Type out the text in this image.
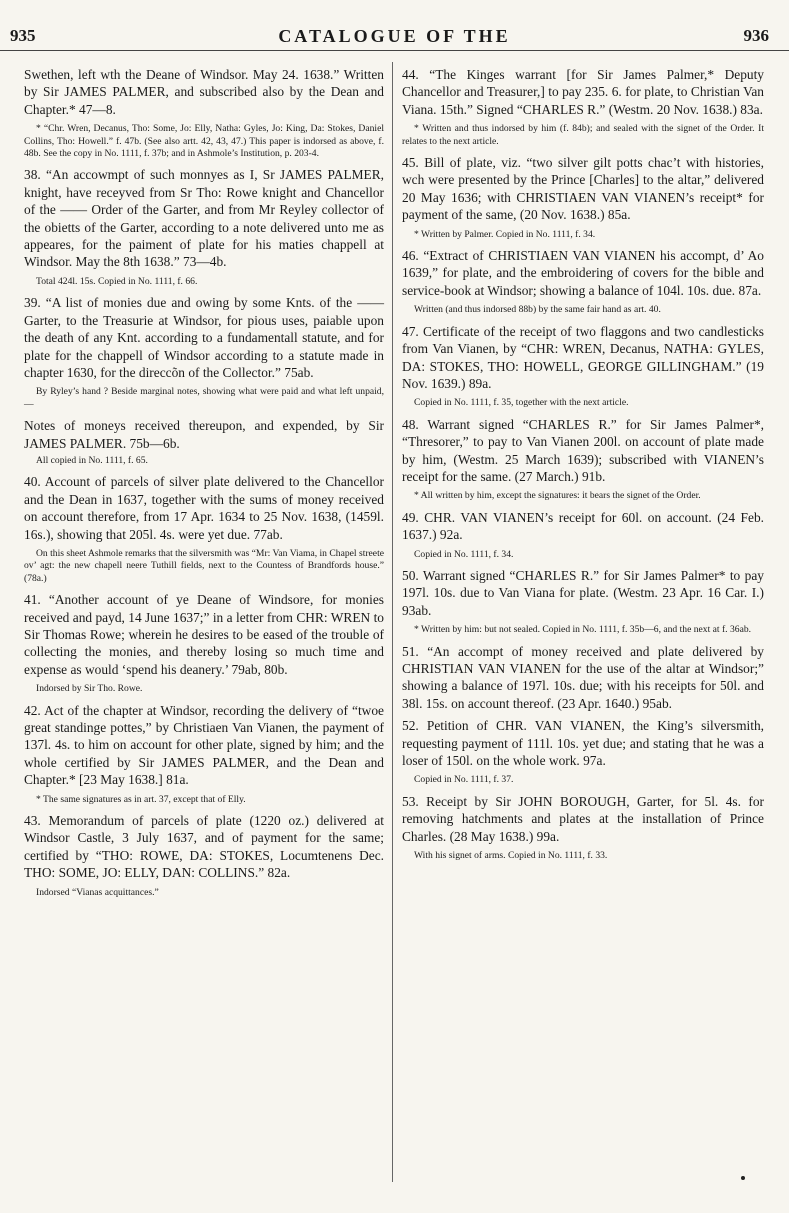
935	CATALOGUE OF THE	936

Swethen, left wth the Deane of Windsor. May 24. 1638.” Written by Sir JAMES PALMER, and subscribed also by the Dean and Chapter.* 47—8.

* “Chr. Wren, Decanus, Tho: Some, Jo: Elly, Natha: Gyles, Jo: King, Da: Stokes, Daniel Collins, Tho: Howell.” f. 47b. (See also artt. 42, 43, 47.) This paper is indorsed as above, f. 48b. See the copy in No. 1111, f. 37b; and in Ashmole’s Institution, p. 203-4.

38. “An accowmpt of such monnyes as I, Sr JAMES PALMER, knight, have receyved from Sr Tho: Rowe knight and Chancellor of the —— Order of the Garter, and from Mr Reyley collector of the obietts of the Garter, according to a note delivered unto me as appeares, for the paiment of plate for his maties chappell at Windsor. May the 8th 1638.” 73—4b.

Total 424l. 15s. Copied in No. 1111, f. 66.

39. “A list of monies due and owing by some Knts. of the —— Garter, to the Treasurie at Windsor, for pious uses, paiable upon the death of any Knt. according to a fundamentall statute, and for plate for the chappell of Windsor according to a statute made in chapter 1630, for the direccõn of the Collector.” 75ab.

By Ryley’s hand ? Beside marginal notes, showing what were paid and what left unpaid,—

Notes of moneys received thereupon, and expended, by Sir JAMES PALMER. 75b—6b.

All copied in No. 1111, f. 65.

40. Account of parcels of silver plate delivered to the Chancellor and the Dean in 1637, together with the sums of money received on account therefore, from 17 Apr. 1634 to 25 Nov. 1638, (1459l. 16s.), showing that 205l. 4s. were yet due. 77ab.

On this sheet Ashmole remarks that the silversmith was “Mr: Van Viama, in Chapel streete ov’ agt: the new chapell neere Tuthill fields, next to the Countess of Brandfords house.” (78a.)

41. “Another account of ye Deane of Windsore, for monies received and payd, 14 June 1637;” in a letter from CHR: WREN to Sir Thomas Rowe; wherein he desires to be eased of the trouble of collecting the monies, and thereby losing so much time and expense as would ‘spend his deanery.’ 79ab, 80b.

Indorsed by Sir Tho. Rowe.

42. Act of the chapter at Windsor, recording the delivery of “twoe great standinge pottes,” by Christiaen Van Vianen, the payment of 137l. 4s. to him on account for other plate, signed by him; and the whole certified by Sir JAMES PALMER, and the Dean and Chapter.* [23 May 1638.] 81a.

* The same signatures as in art. 37, except that of Elly.

43. Memorandum of parcels of plate (1220 oz.) delivered at Windsor Castle, 3 July 1637, and of payment for the same; certified by “THO: ROWE, DA: STOKES, Locumtenens Dec. THO: SOME, JO: ELLY, DAN: COLLINS.” 82a.

Indorsed “Vianas acquittances.”

44. “The Kinges warrant [for Sir James Palmer,* Deputy Chancellor and Treasurer,] to pay 235. 6. for plate, to Christian Van Viana. 15th.” Signed “CHARLES R.” (Westm. 20 Nov. 1638.) 83a.

* Written and thus indorsed by him (f. 84b); and sealed with the signet of the Order. It relates to the next article.

45. Bill of plate, viz. “two silver gilt potts chac’t with histories, wch were presented by the Prince [Charles] to the altar,” delivered 20 May 1636; with CHRISTIAEN VAN VIANEN’s receipt* for payment of the same, (20 Nov. 1638.) 85a.

* Written by Palmer. Copied in No. 1111, f. 34.

46. “Extract of CHRISTIAEN VAN VIANEN his accompt, d’ Ao 1639,” for plate, and the embroidering of covers for the bible and service-book at Windsor; showing a balance of 104l. 10s. due. 87a.

Written (and thus indorsed 88b) by the same fair hand as art. 40.

47. Certificate of the receipt of two flaggons and two candlesticks from Van Vianen, by “CHR: WREN, Decanus, NATHA: GYLES, DA: STOKES, THO: HOWELL, GEORGE GILLINGHAM.” (19 Nov. 1639.) 89a.

Copied in No. 1111, f. 35, together with the next article.

48. Warrant signed “CHARLES R.” for Sir James Palmer*, “Thresorer,” to pay to Van Vianen 200l. on account of plate made by him, (Westm. 25 March 1639); subscribed with VIANEN’s receipt for the same. (27 March.) 91b.

* All written by him, except the signatures: it bears the signet of the Order.

49. CHR. VAN VIANEN’s receipt for 60l. on account. (24 Feb. 1637.) 92a.

Copied in No. 1111, f. 34.

50. Warrant signed “CHARLES R.” for Sir James Palmer* to pay 197l. 10s. due to Van Viana for plate. (Westm. 23 Apr. 16 Car. I.) 93ab.

* Written by him: but not sealed. Copied in No. 1111, f. 35b—6, and the next at f. 36ab.

51. “An accompt of money received and plate delivered by CHRISTIAN VAN VIANEN for the use of the altar at Windsor;” showing a balance of 197l. 10s. due; with his receipts for 50l. and 38l. 15s. on account thereof. (23 Apr. 1640.) 95ab.

52. Petition of CHR. VAN VIANEN, the King’s silversmith, requesting payment of 111l. 10s. yet due; and stating that he was a loser of 150l. on the whole work. 97a.

Copied in No. 1111, f. 37.

53. Receipt by Sir JOHN BOROUGH, Garter, for 5l. 4s. for removing hatchments and plates at the installation of Prince Charles. (28 May 1638.) 99a.

With his signet of arms. Copied in No. 1111, f. 33.
